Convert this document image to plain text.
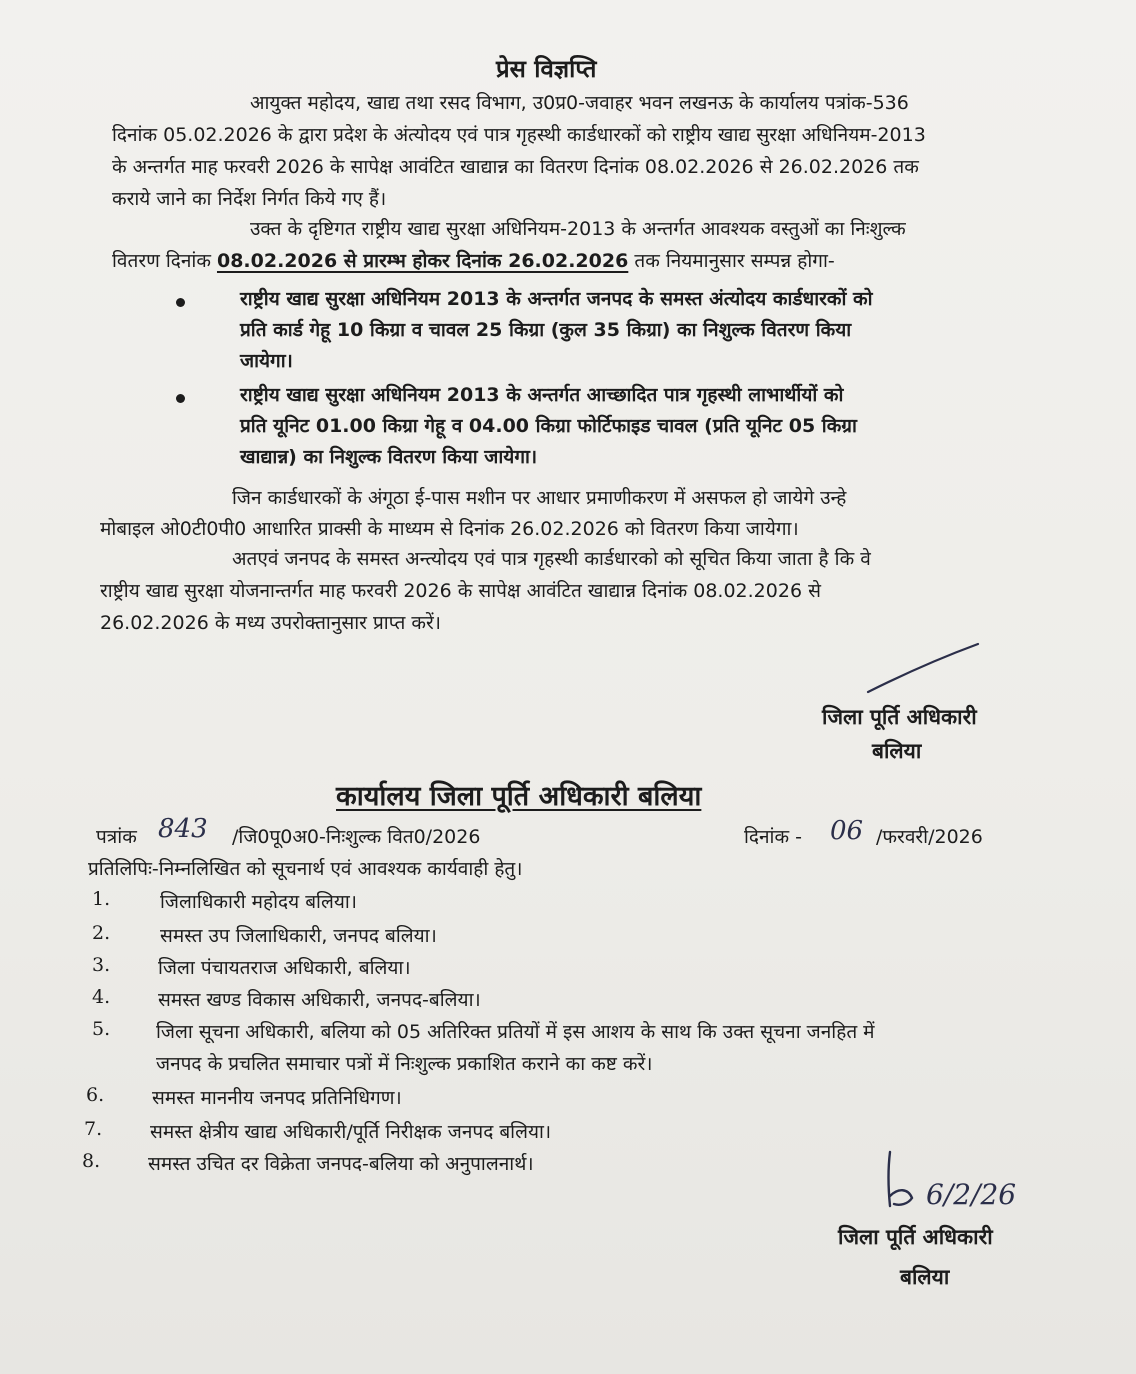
प्रेस विज्ञप्ति
आयुक्त महोदय, खाद्य तथा रसद विभाग, उ0प्र0-जवाहर भवन लखनऊ के कार्यालय पत्रांक-536
दिनांक 05.02.2026 के द्वारा प्रदेश के अंत्योदय एवं पात्र गृहस्थी कार्डधारकों को राष्ट्रीय खाद्य सुरक्षा अधिनियम-2013
के अन्तर्गत माह फरवरी 2026 के सापेक्ष आवंटित खाद्यान्न का वितरण दिनांक 08.02.2026 से 26.02.2026 तक
कराये जाने का निर्देश निर्गत किये गए हैं।
उक्त के दृष्टिगत राष्ट्रीय खाद्य सुरक्षा अधिनियम-2013 के अन्तर्गत आवश्यक वस्तुओं का निःशुल्क
वितरण दिनांक 08.02.2026 से प्रारम्भ होकर दिनांक 26.02.2026 तक नियमानुसार सम्पन्न होगा-
राष्ट्रीय खाद्य सुरक्षा अधिनियम 2013 के अन्तर्गत जनपद के समस्त अंत्योदय कार्डधारकों को
प्रति कार्ड गेहू 10 किग्रा व चावल 25 किग्रा (कुल 35 किग्रा) का निशुल्क वितरण किया
जायेगा।
राष्ट्रीय खाद्य सुरक्षा अधिनियम 2013 के अन्तर्गत आच्छादित पात्र गृहस्थी लाभार्थीयों को
प्रति यूनिट 01.00 किग्रा गेहू व 04.00 किग्रा फोर्टिफाइड चावल (प्रति यूनिट 05 किग्रा
खाद्यान्न) का निशुल्क वितरण किया जायेगा।
जिन कार्डधारकों के अंगूठा ई-पास मशीन पर आधार प्रमाणीकरण में असफल हो जायेगे उन्हे
मोबाइल ओ0टी0पी0 आधारित प्राक्सी के माध्यम से दिनांक 26.02.2026 को वितरण किया जायेगा।
अतएवं जनपद के समस्त अन्त्योदय एवं पात्र गृहस्थी कार्डधारको को सूचित किया जाता है कि वे
राष्ट्रीय खाद्य सुरक्षा योजनान्तर्गत माह फरवरी 2026 के सापेक्ष आवंटित खाद्यान्न दिनांक 08.02.2026 से
26.02.2026 के मध्य उपरोक्तानुसार प्राप्त करें।
जिला पूर्ति अधिकारी
बलिया
कार्यालय जिला पूर्ति अधिकारी बलिया
पत्रांक 843 /जि0पू0अ0-निःशुल्क वित0/2026	दिनांक - 06 /फरवरी/2026
प्रतिलिपिः-निम्नलिखित को सूचनार्थ एवं आवश्यक कार्यवाही हेतु।
1.	जिलाधिकारी महोदय बलिया।
2.	समस्त उप जिलाधिकारी, जनपद बलिया।
3.	जिला पंचायतराज अधिकारी, बलिया।
4.	समस्त खण्ड विकास अधिकारी, जनपद-बलिया।
5. जिला सूचना अधिकारी, बलिया को 05 अतिरिक्त प्रतियों में इस आशय के साथ कि उक्त सूचना जनहित में
जनपद के प्रचलित समाचार पत्रों में निःशुल्क प्रकाशित कराने का कष्ट करें।
6.	समस्त माननीय जनपद प्रतिनिधिगण।
7.	समस्त क्षेत्रीय खाद्य अधिकारी/पूर्ति निरीक्षक जनपद बलिया।
8.	समस्त उचित दर विक्रेता जनपद-बलिया को अनुपालनार्थ।
6/2/26
जिला पूर्ति अधिकारी
बलिया
